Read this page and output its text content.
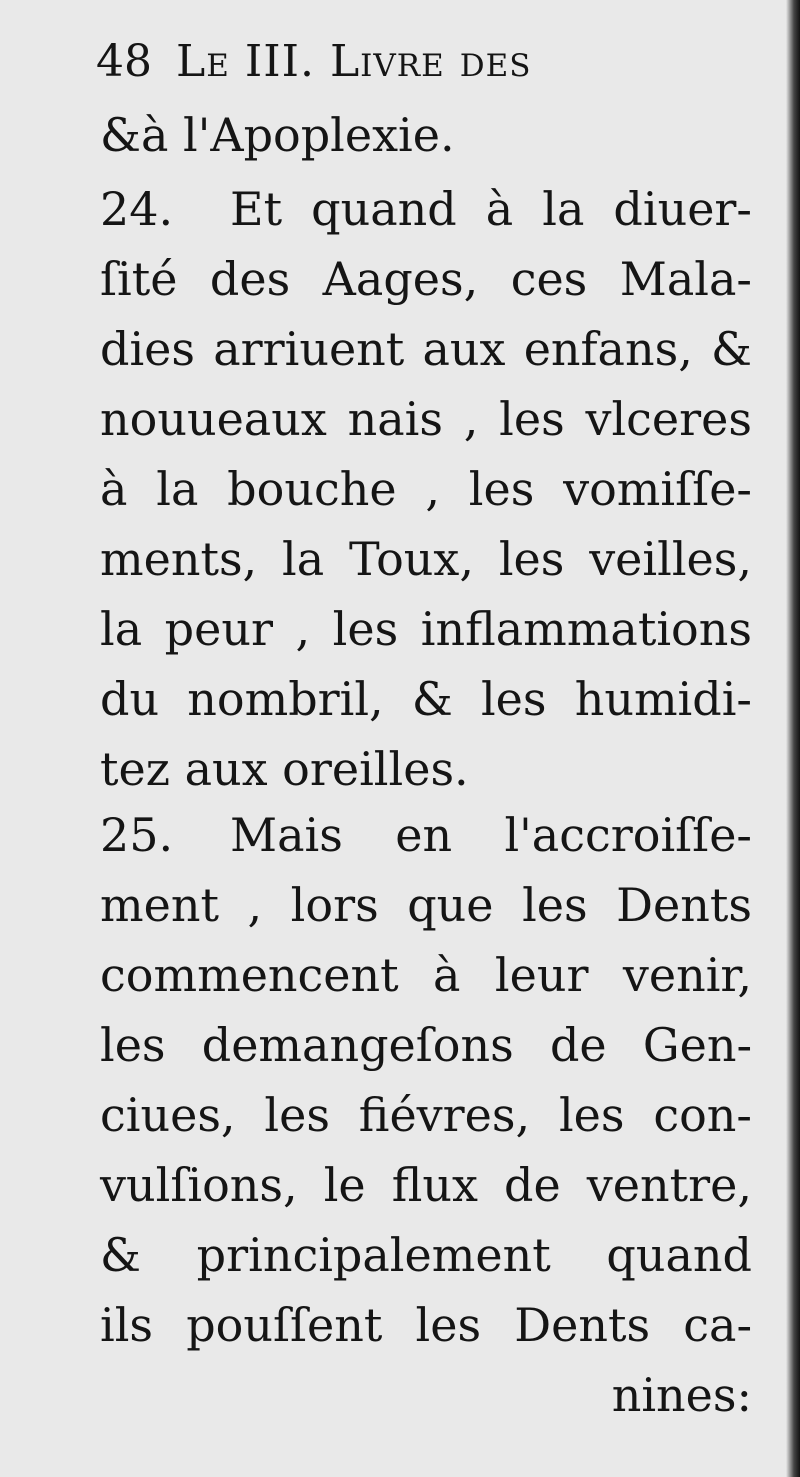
48 Le III. Livre des
&à l'Apoplexie.
24.	Et quand à la diuer-
ſité des Aages, ces Mala-
dies arriuent aux enfans, &
nouueaux nais , les vlceres
à la bouche , les vomiſſe-
ments, la Toux, les veilles,
la peur , les inflammations
du nombril, & les humidi-
tez aux oreilles.
25.	Mais en l'accroiſſe-
ment , lors que les Dents
commencent à leur venir,
les demangeſons de Gen-
ciues, les fiévres, les con-
vulſions, le flux de ventre,
& principalement quand
ils pouſſent les Dents ca-
nines:
